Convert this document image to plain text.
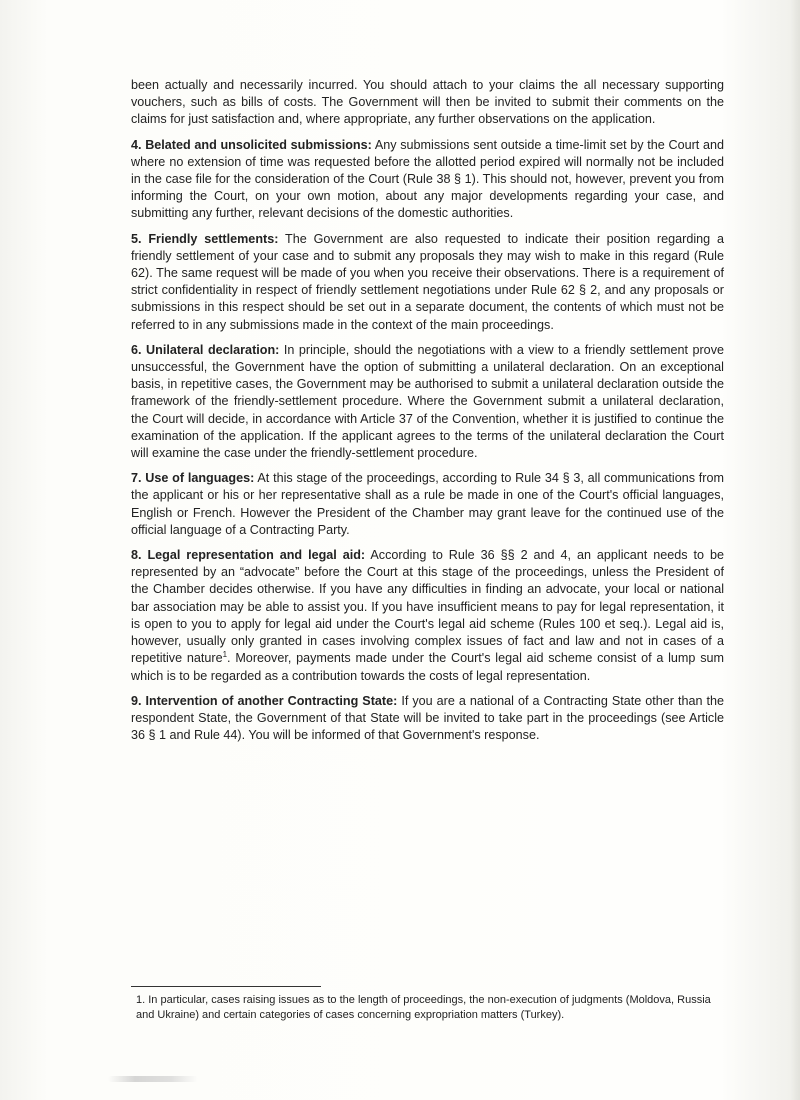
been actually and necessarily incurred. You should attach to your claims the all necessary supporting vouchers, such as bills of costs. The Government will then be invited to submit their comments on the claims for just satisfaction and, where appropriate, any further observations on the application.

4. Belated and unsolicited submissions: Any submissions sent outside a time-limit set by the Court and where no extension of time was requested before the allotted period expired will normally not be included in the case file for the consideration of the Court (Rule 38 § 1). This should not, however, prevent you from informing the Court, on your own motion, about any major developments regarding your case, and submitting any further, relevant decisions of the domestic authorities.

5. Friendly settlements: The Government are also requested to indicate their position regarding a friendly settlement of your case and to submit any proposals they may wish to make in this regard (Rule 62). The same request will be made of you when you receive their observations. There is a requirement of strict confidentiality in respect of friendly settlement negotiations under Rule 62 § 2, and any proposals or submissions in this respect should be set out in a separate document, the contents of which must not be referred to in any submissions made in the context of the main proceedings.

6. Unilateral declaration: In principle, should the negotiations with a view to a friendly settlement prove unsuccessful, the Government have the option of submitting a unilateral declaration. On an exceptional basis, in repetitive cases, the Government may be authorised to submit a unilateral declaration outside the framework of the friendly-settlement procedure. Where the Government submit a unilateral declaration, the Court will decide, in accordance with Article 37 of the Convention, whether it is justified to continue the examination of the application. If the applicant agrees to the terms of the unilateral declaration the Court will examine the case under the friendly-settlement procedure.

7. Use of languages: At this stage of the proceedings, according to Rule 34 § 3, all communications from the applicant or his or her representative shall as a rule be made in one of the Court's official languages, English or French. However the President of the Chamber may grant leave for the continued use of the official language of a Contracting Party.

8. Legal representation and legal aid: According to Rule 36 §§ 2 and 4, an applicant needs to be represented by an “advocate” before the Court at this stage of the proceedings, unless the President of the Chamber decides otherwise. If you have any difficulties in finding an advocate, your local or national bar association may be able to assist you. If you have insufficient means to pay for legal representation, it is open to you to apply for legal aid under the Court's legal aid scheme (Rules 100 et seq.). Legal aid is, however, usually only granted in cases involving complex issues of fact and law and not in cases of a repetitive nature$^1$. Moreover, payments made under the Court's legal aid scheme consist of a lump sum which is to be regarded as a contribution towards the costs of legal representation.

9. Intervention of another Contracting State: If you are a national of a Contracting State other than the respondent State, the Government of that State will be invited to take part in the proceedings (see Article 36 § 1 and Rule 44). You will be informed of that Government's response.

1. In particular, cases raising issues as to the length of proceedings, the non-execution of judgments (Moldova, Russia and Ukraine) and certain categories of cases concerning expropriation matters (Turkey).
